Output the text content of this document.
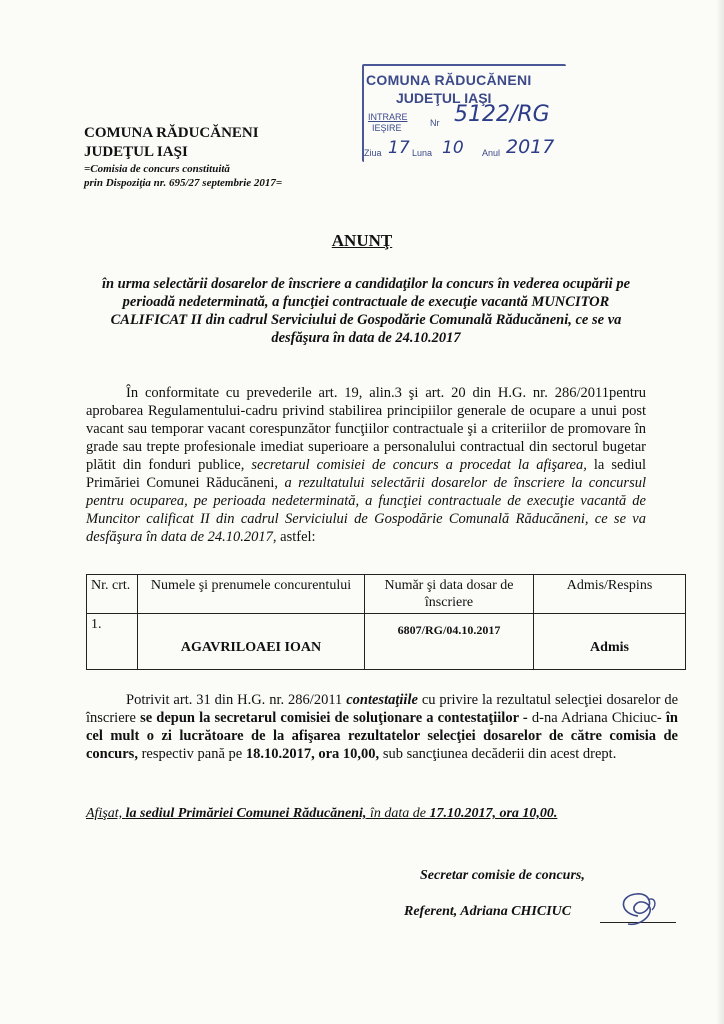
COMUNA RĂDUCĂNENI
JUDEŢUL IAŞI
=Comisia de concurs constituită
prin Dispoziţia nr. 695/27 septembrie 2017=
COMUNA RĂDUCĂNENI
JUDEŢUL IAŞI
INTRARE
IEŞIRE	Nr 5122/RG
Ziua 17 Luna 10 Anul 2017
ANUNŢ
în urma selectării dosarelor de înscriere a candidaţilor la concurs în vederea ocupării pe perioadă nedeterminată, a funcţiei contractuale de execuţie vacantă MUNCITOR CALIFICAT II din cadrul Serviciului de Gospodărie Comunală Răducăneni, ce se va desfăşura în data de 24.10.2017
În conformitate cu prevederile art. 19, alin.3 şi art. 20 din H.G. nr. 286/2011pentru aprobarea Regulamentului-cadru privind stabilirea principiilor generale de ocupare a unui post vacant sau temporar vacant corespunzător funcţiilor contractuale şi a criteriilor de promovare în grade sau trepte profesionale imediat superioare a personalului contractual din sectorul bugetar plătit din fonduri publice, secretarul comisiei de concurs a procedat la afişarea, la sediul Primăriei Comunei Răducăneni, a rezultatului selectării dosarelor de înscriere la concursul pentru ocuparea, pe perioada nedeterminată, a funcţiei contractuale de execuţie vacantă de Muncitor calificat II din cadrul Serviciului de Gospodărie Comunală Răducăneni, ce se va desfăşura în data de 24.10.2017, astfel:
Nr. crt.	Numele şi prenumele concurentului	Număr şi data dosar de înscriere	Admis/Respins
1.	AGAVRILOAEI IOAN	6807/RG/04.10.2017	Admis
Potrivit art. 31 din H.G. nr. 286/2011 contestaţiile cu privire la rezultatul selecţiei dosarelor de înscriere se depun la secretarul comisiei de soluţionare a contestaţiilor - d-na Adriana Chiciuc- în cel mult o zi lucrătoare de la afişarea rezultatelor selecţiei dosarelor de către comisia de concurs, respectiv pană pe 18.10.2017, ora 10,00, sub sancţiunea decăderii din acest drept.
Afişat, la sediul Primăriei Comunei Răducăneni, în data de 17.10.2017, ora 10,00.
Secretar comisie de concurs,
Referent, Adriana CHICIUC
